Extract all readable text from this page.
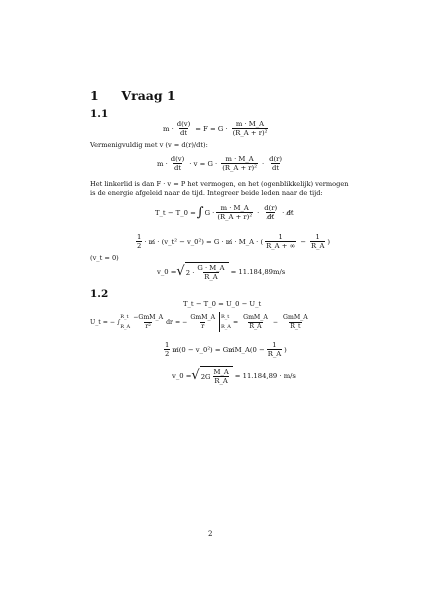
1 Vraag 1
1.1
$m \cdot \frac{d(v)}{dt} = F = G \cdot \frac{m \cdot M\_A}{\text{(R\_A + r)²}}$
Vermenigvuldig met v (v = d(r)/dt):
$m \cdot \frac{d(v)}{dt} \cdot v = G \cdot \frac{m \cdot M\_A}{\text{(R\_A + r)²}} \cdot \frac{d(r)}{dt}$
Het linkerlid is dan F · v = P het vermogen, en het (ogenblikkelijk) vermogen
is de energie afgeleid naar de tijd. Integreer beide leden naar de tijd:
T_t − T_0 = ∫ $G \cdot \frac{m \cdot M\_A}{\text{(R\_A + r)²}} \cdot \frac{d(r)}{d̸t̸}$ · d̸t̸
$\frac{1}{2}$ · m̸ · (v_t² − v_0²) = G · m̸ · M_A · ( $\frac{1}{R\_A + \infty} - \frac{1}{R\_A}$ )
(v_t = 0)
v_0 = √ $2 \cdot \frac{G \cdot M\_A}{R\_A} = 11.184,89m/s$
1.2
T_t − T_0 = U_0 − U_t
U_t = − ∫
R_t
R_A $\frac{\text{−GmM\_A}}{\text{r²}}$ dr = − $\frac{\text{GmM\_A}}{r}$ R_t
R_A
= $\frac{\text{GmM\_A}}{R\_A} - \frac{\text{GmM\_A}}{R\_t}$
$\frac{1}{2}$ m̸(0 − v_0²) = Gm̸M_A(0 − $\frac{1}{R\_A}$ )
v_0 = √ $2G \frac{M\_A}{R\_A} = 11.184,89 \cdot m/s$
2
